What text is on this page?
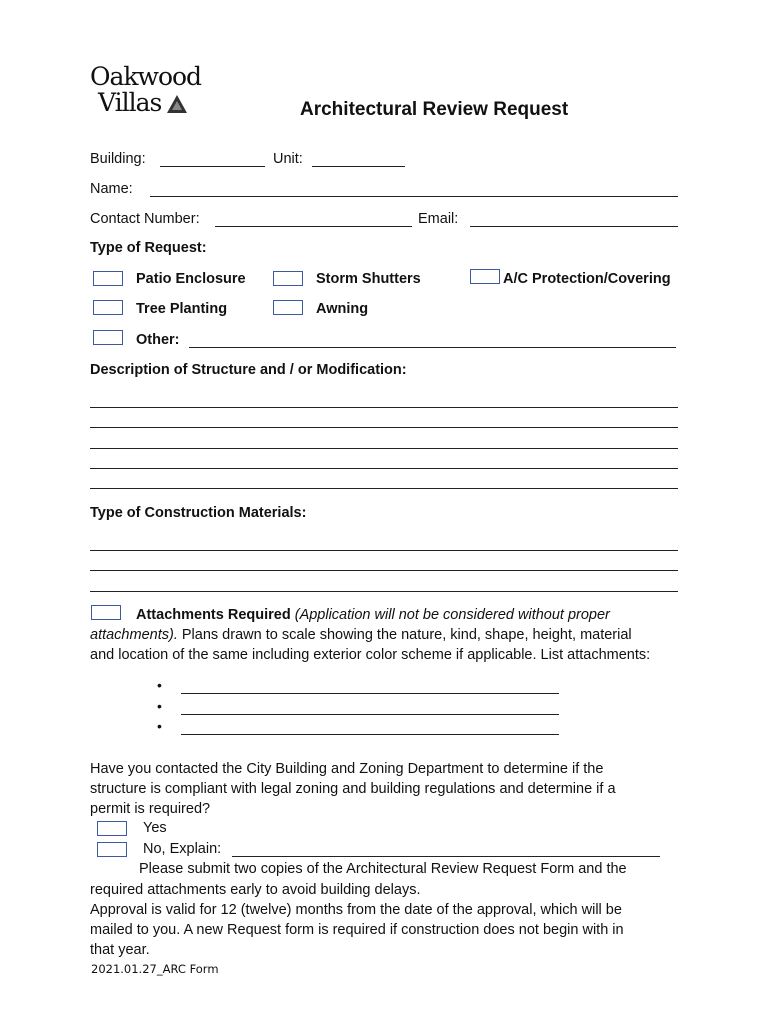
Oakwood
Villas	Architectural Review Request
Building:	Unit:
Name:
Contact Number:	Email:
Type of Request:
Patio Enclosure	Storm Shutters	A/C Protection/Covering
Tree Planting	Awning
Other:
Description of Structure and / or Modification:
Type of Construction Materials:
Attachments Required (Application will not be considered without proper
attachments). Plans drawn to scale showing the nature, kind, shape, height, material
and location of the same including exterior color scheme if applicable. List attachments:
•
•
•
Have you contacted the City Building and Zoning Department to determine if the
structure is compliant with legal zoning and building regulations and determine if a
permit is required?
Yes
No, Explain:
Please submit two copies of the Architectural Review Request Form and the
required attachments early to avoid building delays.
Approval is valid for 12 (twelve) months from the date of the approval, which will be
mailed to you. A new Request form is required if construction does not begin with in
that year.
2021.01.27_ARC Form
